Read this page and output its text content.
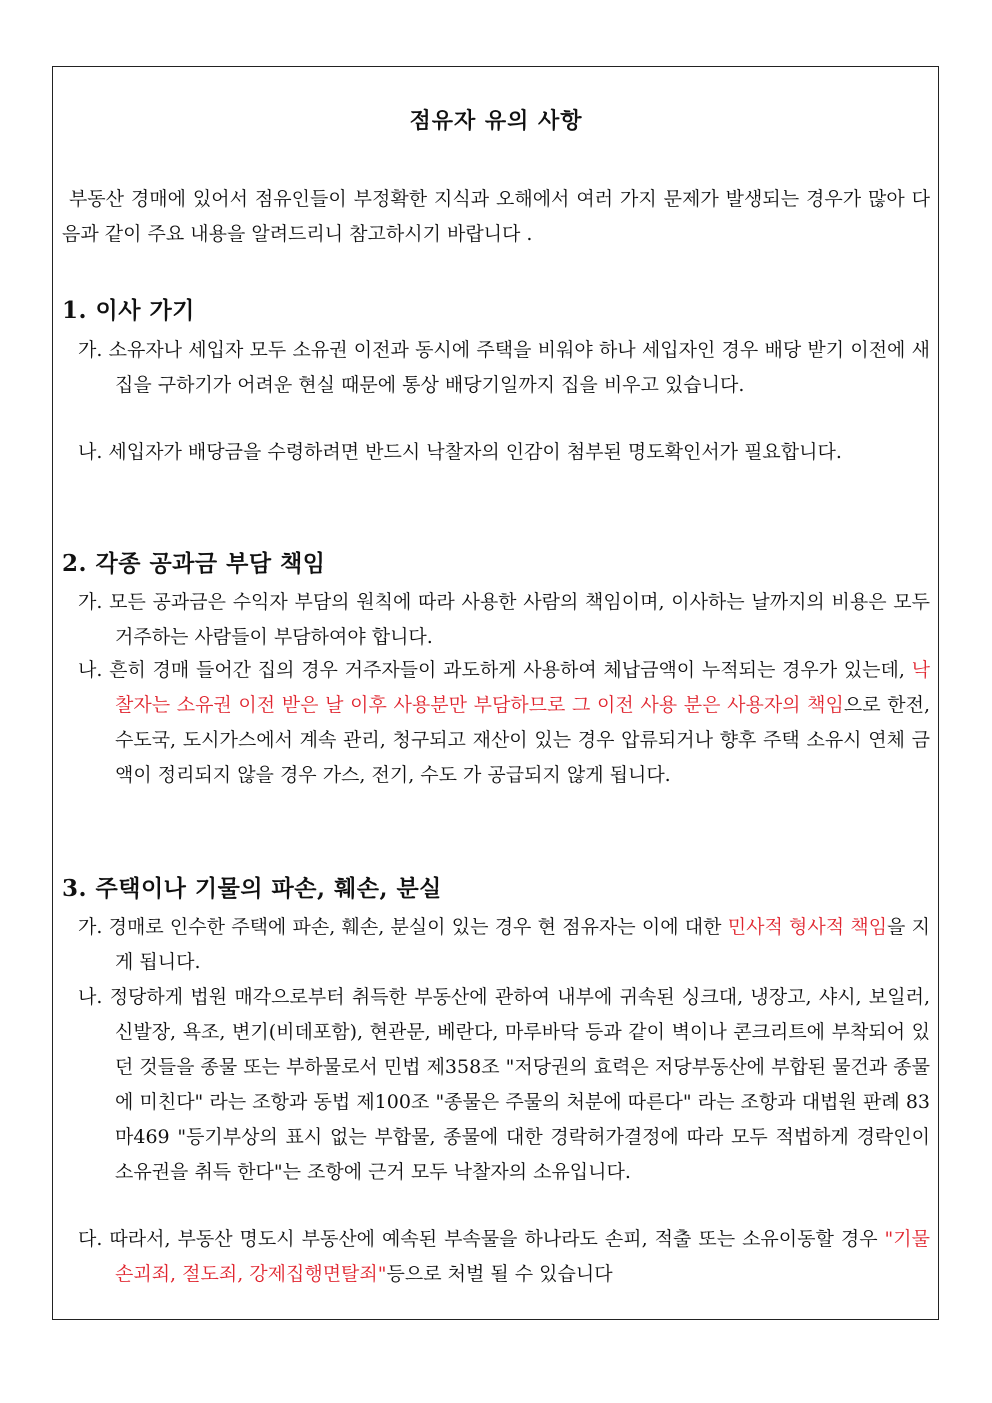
점유자 유의 사항
부동산 경매에 있어서 점유인들이 부정확한 지식과 오해에서 여러 가지 문제가 발생되는 경우가 많아 다음과 같이 주요 내용을 알려드리니 참고하시기 바랍니다 .
1. 이사 가기
가. 소유자나 세입자 모두 소유권 이전과 동시에 주택을 비워야 하나 세입자인 경우 배당 받기 이전에 새집을 구하기가 어려운 현실 때문에 통상 배당기일까지 집을 비우고 있습니다.
나. 세입자가 배당금을 수령하려면 반드시 낙찰자의 인감이 첨부된 명도확인서가 필요합니다.
2. 각종 공과금 부담 책임
가. 모든 공과금은 수익자 부담의 원칙에 따라 사용한 사람의 책임이며, 이사하는 날까지의 비용은 모두 거주하는 사람들이 부담하여야 합니다.
나. 흔히 경매 들어간 집의 경우 거주자들이 과도하게 사용하여 체납금액이 누적되는 경우가 있는데, 낙찰자는 소유권 이전 받은 날 이후 사용분만 부담하므로 그 이전 사용 분은 사용자의 책임으로 한전, 수도국, 도시가스에서 계속 관리, 청구되고 재산이 있는 경우 압류되거나 향후 주택 소유시 연체 금액이 정리되지 않을 경우 가스, 전기, 수도 가 공급되지 않게 됩니다.
3. 주택이나 기물의 파손, 훼손, 분실
가. 경매로 인수한 주택에 파손, 훼손, 분실이 있는 경우 현 점유자는 이에 대한 민사적 형사적 책임을 지게 됩니다.
나. 정당하게 법원 매각으로부터 취득한 부동산에 관하여 내부에 귀속된 싱크대, 냉장고, 샤시, 보일러, 신발장, 욕조, 변기(비데포함), 현관문, 베란다, 마루바닥 등과 같이 벽이나 콘크리트에 부착되어 있던 것들을 종물 또는 부하물로서 민법 제358조 "저당권의 효력은 저당부동산에 부합된 물건과 종물에 미친다" 라는 조항과 동법 제100조 "종물은 주물의 처분에 따른다" 라는 조항과 대법원 판례 83마469 "등기부상의 표시 없는 부합물, 종물에 대한 경락허가결정에 따라 모두 적법하게 경락인이 소유권을 취득 한다"는 조항에 근거 모두 낙찰자의 소유입니다.
다. 따라서, 부동산 명도시 부동산에 예속된 부속물을 하나라도 손피, 적출 또는 소유이동할 경우 "기물 손괴죄, 절도죄, 강제집행면탈죄"등으로 처벌 될 수 있습니다
